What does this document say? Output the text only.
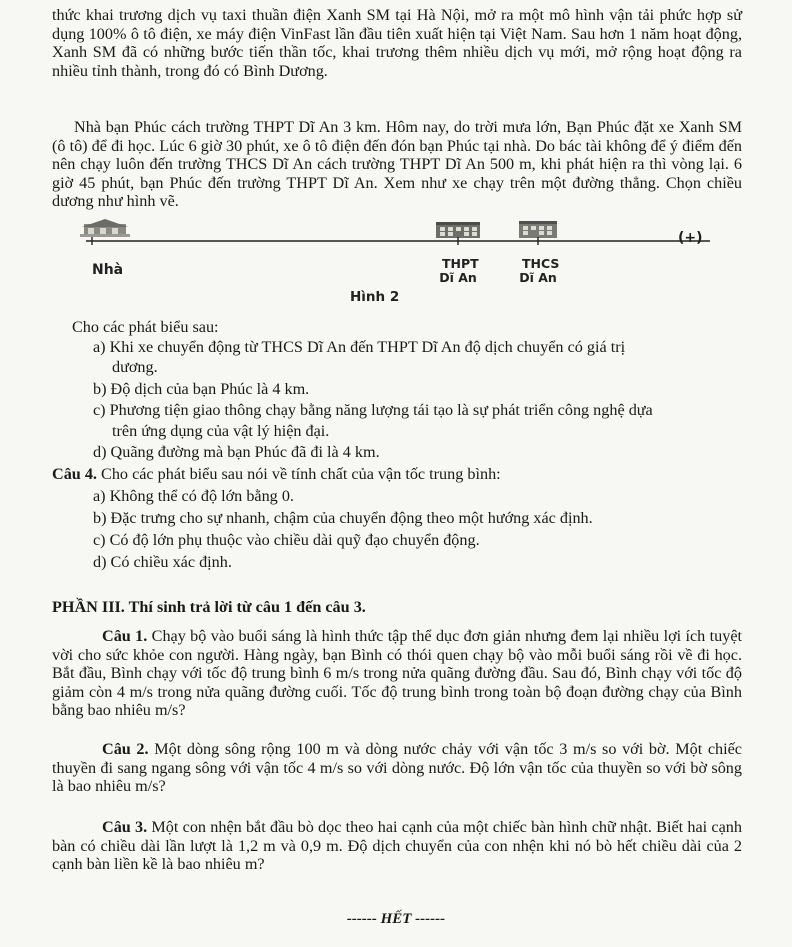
thức khai trương dịch vụ taxi thuần điện Xanh SM tại Hà Nội, mở ra một mô hình vận tải phức hợp sử dụng 100% ô tô điện, xe máy điện VinFast lần đầu tiên xuất hiện tại Việt Nam. Sau hơn 1 năm hoạt động, Xanh SM đã có những bước tiến thần tốc, khai trương thêm nhiều dịch vụ mới, mở rộng hoạt động ra nhiều tỉnh thành, trong đó có Bình Dương.

Nhà bạn Phúc cách trường THPT Dĩ An 3 km. Hôm nay, do trời mưa lớn, Bạn Phúc đặt xe Xanh SM (ô tô) để đi học. Lúc 6 giờ 30 phút, xe ô tô điện đến đón bạn Phúc tại nhà. Do bác tài không để ý điểm đến nên chạy luôn đến trường THCS Dĩ An cách trường THPT Dĩ An 500 m, khi phát hiện ra thì vòng lại. 6 giờ 45 phút, bạn Phúc đến trường THPT Dĩ An. Xem như xe chạy trên một đường thẳng. Chọn chiều dương như hình vẽ.

(+)
Nhà	THPT
Dĩ An
THCS
Dĩ An
Hình 2

Cho các phát biểu sau:

a) Khi xe chuyển động từ THCS Dĩ An đến THPT Dĩ An độ dịch chuyển có giá trị

dương.

b) Độ dịch của bạn Phúc là 4 km.

c) Phương tiện giao thông chạy bằng năng lượng tái tạo là sự phát triển công nghệ dựa

trên ứng dụng của vật lý hiện đại.

d) Quãng đường mà bạn Phúc đã đi là 4 km.

Câu 4. Cho các phát biểu sau nói về tính chất của vận tốc trung bình:

a) Không thể có độ lớn bằng 0.

b) Đặc trưng cho sự nhanh, chậm của chuyển động theo một hướng xác định.

c) Có độ lớn phụ thuộc vào chiều dài quỹ đạo chuyển động.

d) Có chiều xác định.

PHẦN III. Thí sinh trả lời từ câu 1 đến câu 3.

Câu 1. Chạy bộ vào buổi sáng là hình thức tập thể dục đơn giản nhưng đem lại nhiều lợi ích tuyệt vời cho sức khỏe con người. Hàng ngày, bạn Bình có thói quen chạy bộ vào mỗi buổi sáng rồi về đi học. Bắt đầu, Bình chạy với tốc độ trung bình 6 m/s trong nửa quãng đường đầu. Sau đó, Bình chạy với tốc độ giảm còn 4 m/s trong nửa quãng đường cuối. Tốc độ trung bình trong toàn bộ đoạn đường chạy của Bình bằng bao nhiêu m/s?

Câu 2. Một dòng sông rộng 100 m và dòng nước chảy với vận tốc 3 m/s so với bờ. Một chiếc thuyền đi sang ngang sông với vận tốc 4 m/s so với dòng nước. Độ lớn vận tốc của thuyền so với bờ sông là bao nhiêu m/s?

Câu 3. Một con nhện bắt đầu bò dọc theo hai cạnh của một chiếc bàn hình chữ nhật. Biết hai cạnh bàn có chiều dài lần lượt là 1,2 m và 0,9 m. Độ dịch chuyển của con nhện khi nó bò hết chiều dài của 2 cạnh bàn liền kề là bao nhiêu m?

------ HẾT ------
